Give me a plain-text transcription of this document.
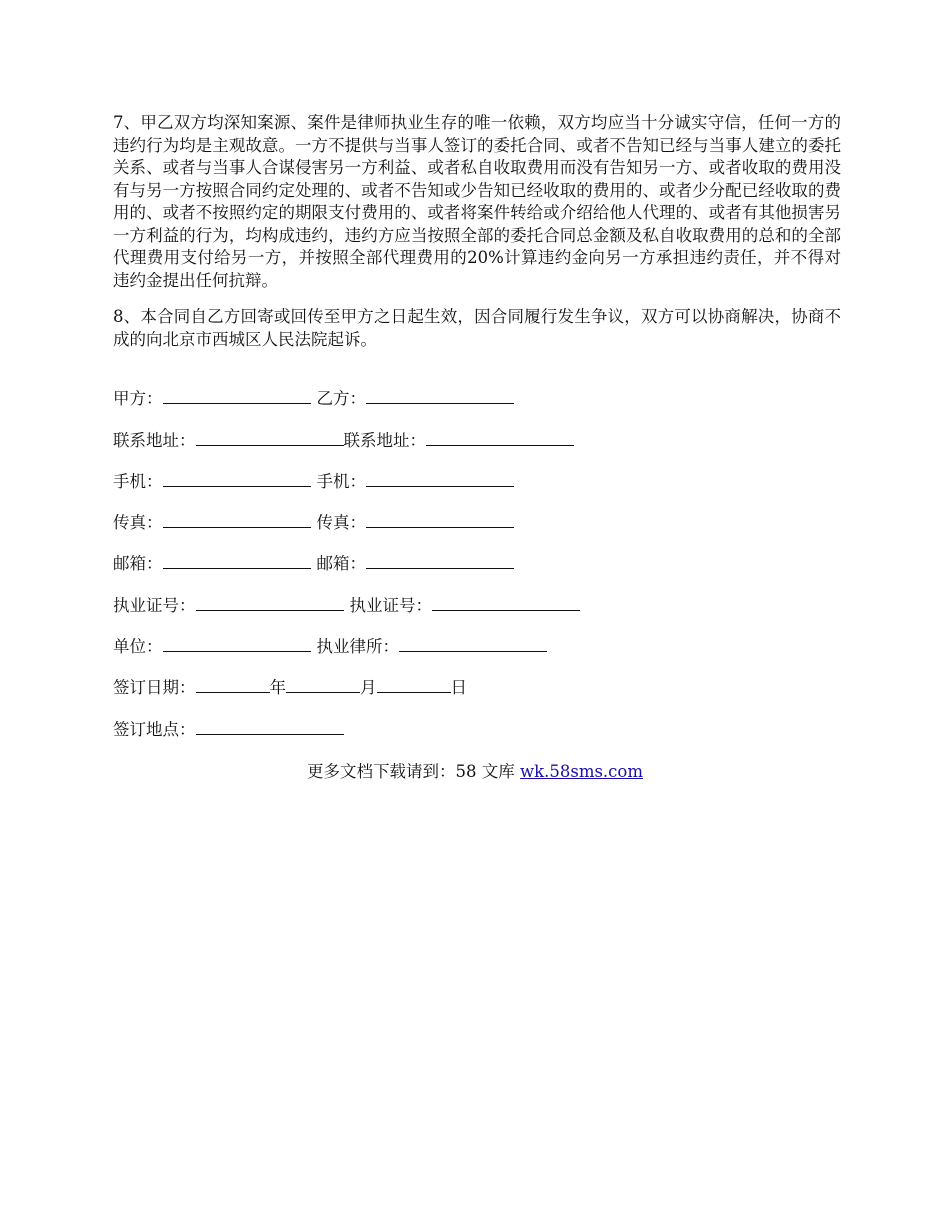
7、甲乙双方均深知案源、案件是律师执业生存的唯一依赖，双方均应当十分诚实守信，任何一方的违约行为均是主观故意。一方不提供与当事人签订的委托合同、或者不告知已经与当事人建立的委托关系、或者与当事人合谋侵害另一方利益、或者私自收取费用而没有告知另一方、或者收取的费用没有与另一方按照合同约定处理的、或者不告知或少告知已经收取的费用的、或者少分配已经收取的费用的、或者不按照约定的期限支付费用的、或者将案件转给或介绍给他人代理的、或者有其他损害另一方利益的行为，均构成违约，违约方应当按照全部的委托合同总金额及私自收取费用的总和的全部代理费用支付给另一方，并按照全部代理费用的20%计算违约金向另一方承担违约责任，并不得对违约金提出任何抗辩。

8、本合同自乙方回寄或回传至甲方之日起生效，因合同履行发生争议，双方可以协商解决，协商不成的向北京市西城区人民法院起诉。

甲方：	乙方：
联系地址：	联系地址：
手机：	手机：
传真：	传真：
邮箱：	邮箱：
执业证号：	执业证号：
单位：	执业律所：
签订日期：	年	月	日
签订地点：
更多文档下载请到：58 文库 wk.58sms.com
